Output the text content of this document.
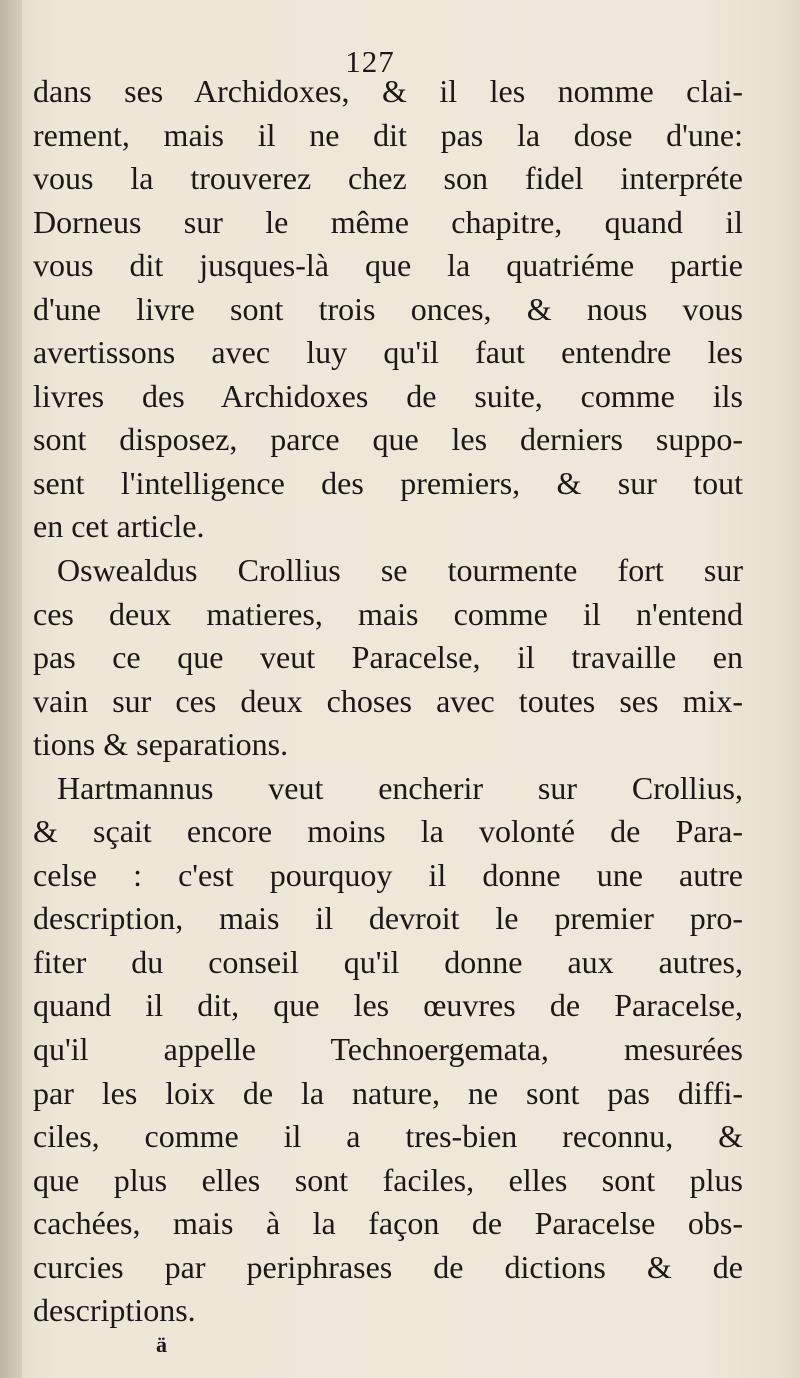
127
dans ses Archidoxes, & il les nomme clai-
rement, mais il ne dit pas la dose d'une:
vous la trouverez chez son fidel interpréte
Dorneus sur le même chapitre, quand il
vous dit jusques-là que la quatriéme partie
d'une livre sont trois onces, & nous vous
avertissons avec luy qu'il faut entendre les
livres des Archidoxes de suite, comme ils
sont disposez, parce que les derniers suppo-
sent l'intelligence des premiers, & sur tout
en cet article.
Oswealdus Crollius se tourmente fort sur
ces deux matieres, mais comme il n'entend
pas ce que veut Paracelse, il travaille en
vain sur ces deux choses avec toutes ses mix-
tions & separations.
Hartmannus veut encherir sur Crollius,
& sçait encore moins la volonté de Para-
celse : c'est pourquoy il donne une autre
description, mais il devroit le premier pro-
fiter du conseil qu'il donne aux autres,
quand il dit, que les œuvres de Paracelse,
qu'il appelle Technoergemata, mesurées
par les loix de la nature, ne sont pas diffi-
ciles, comme il a tres-bien reconnu, &
que plus elles sont faciles, elles sont plus
cachées, mais à la façon de Paracelse obs-
curcies par periphrases de dictions & de
descriptions.
ä
